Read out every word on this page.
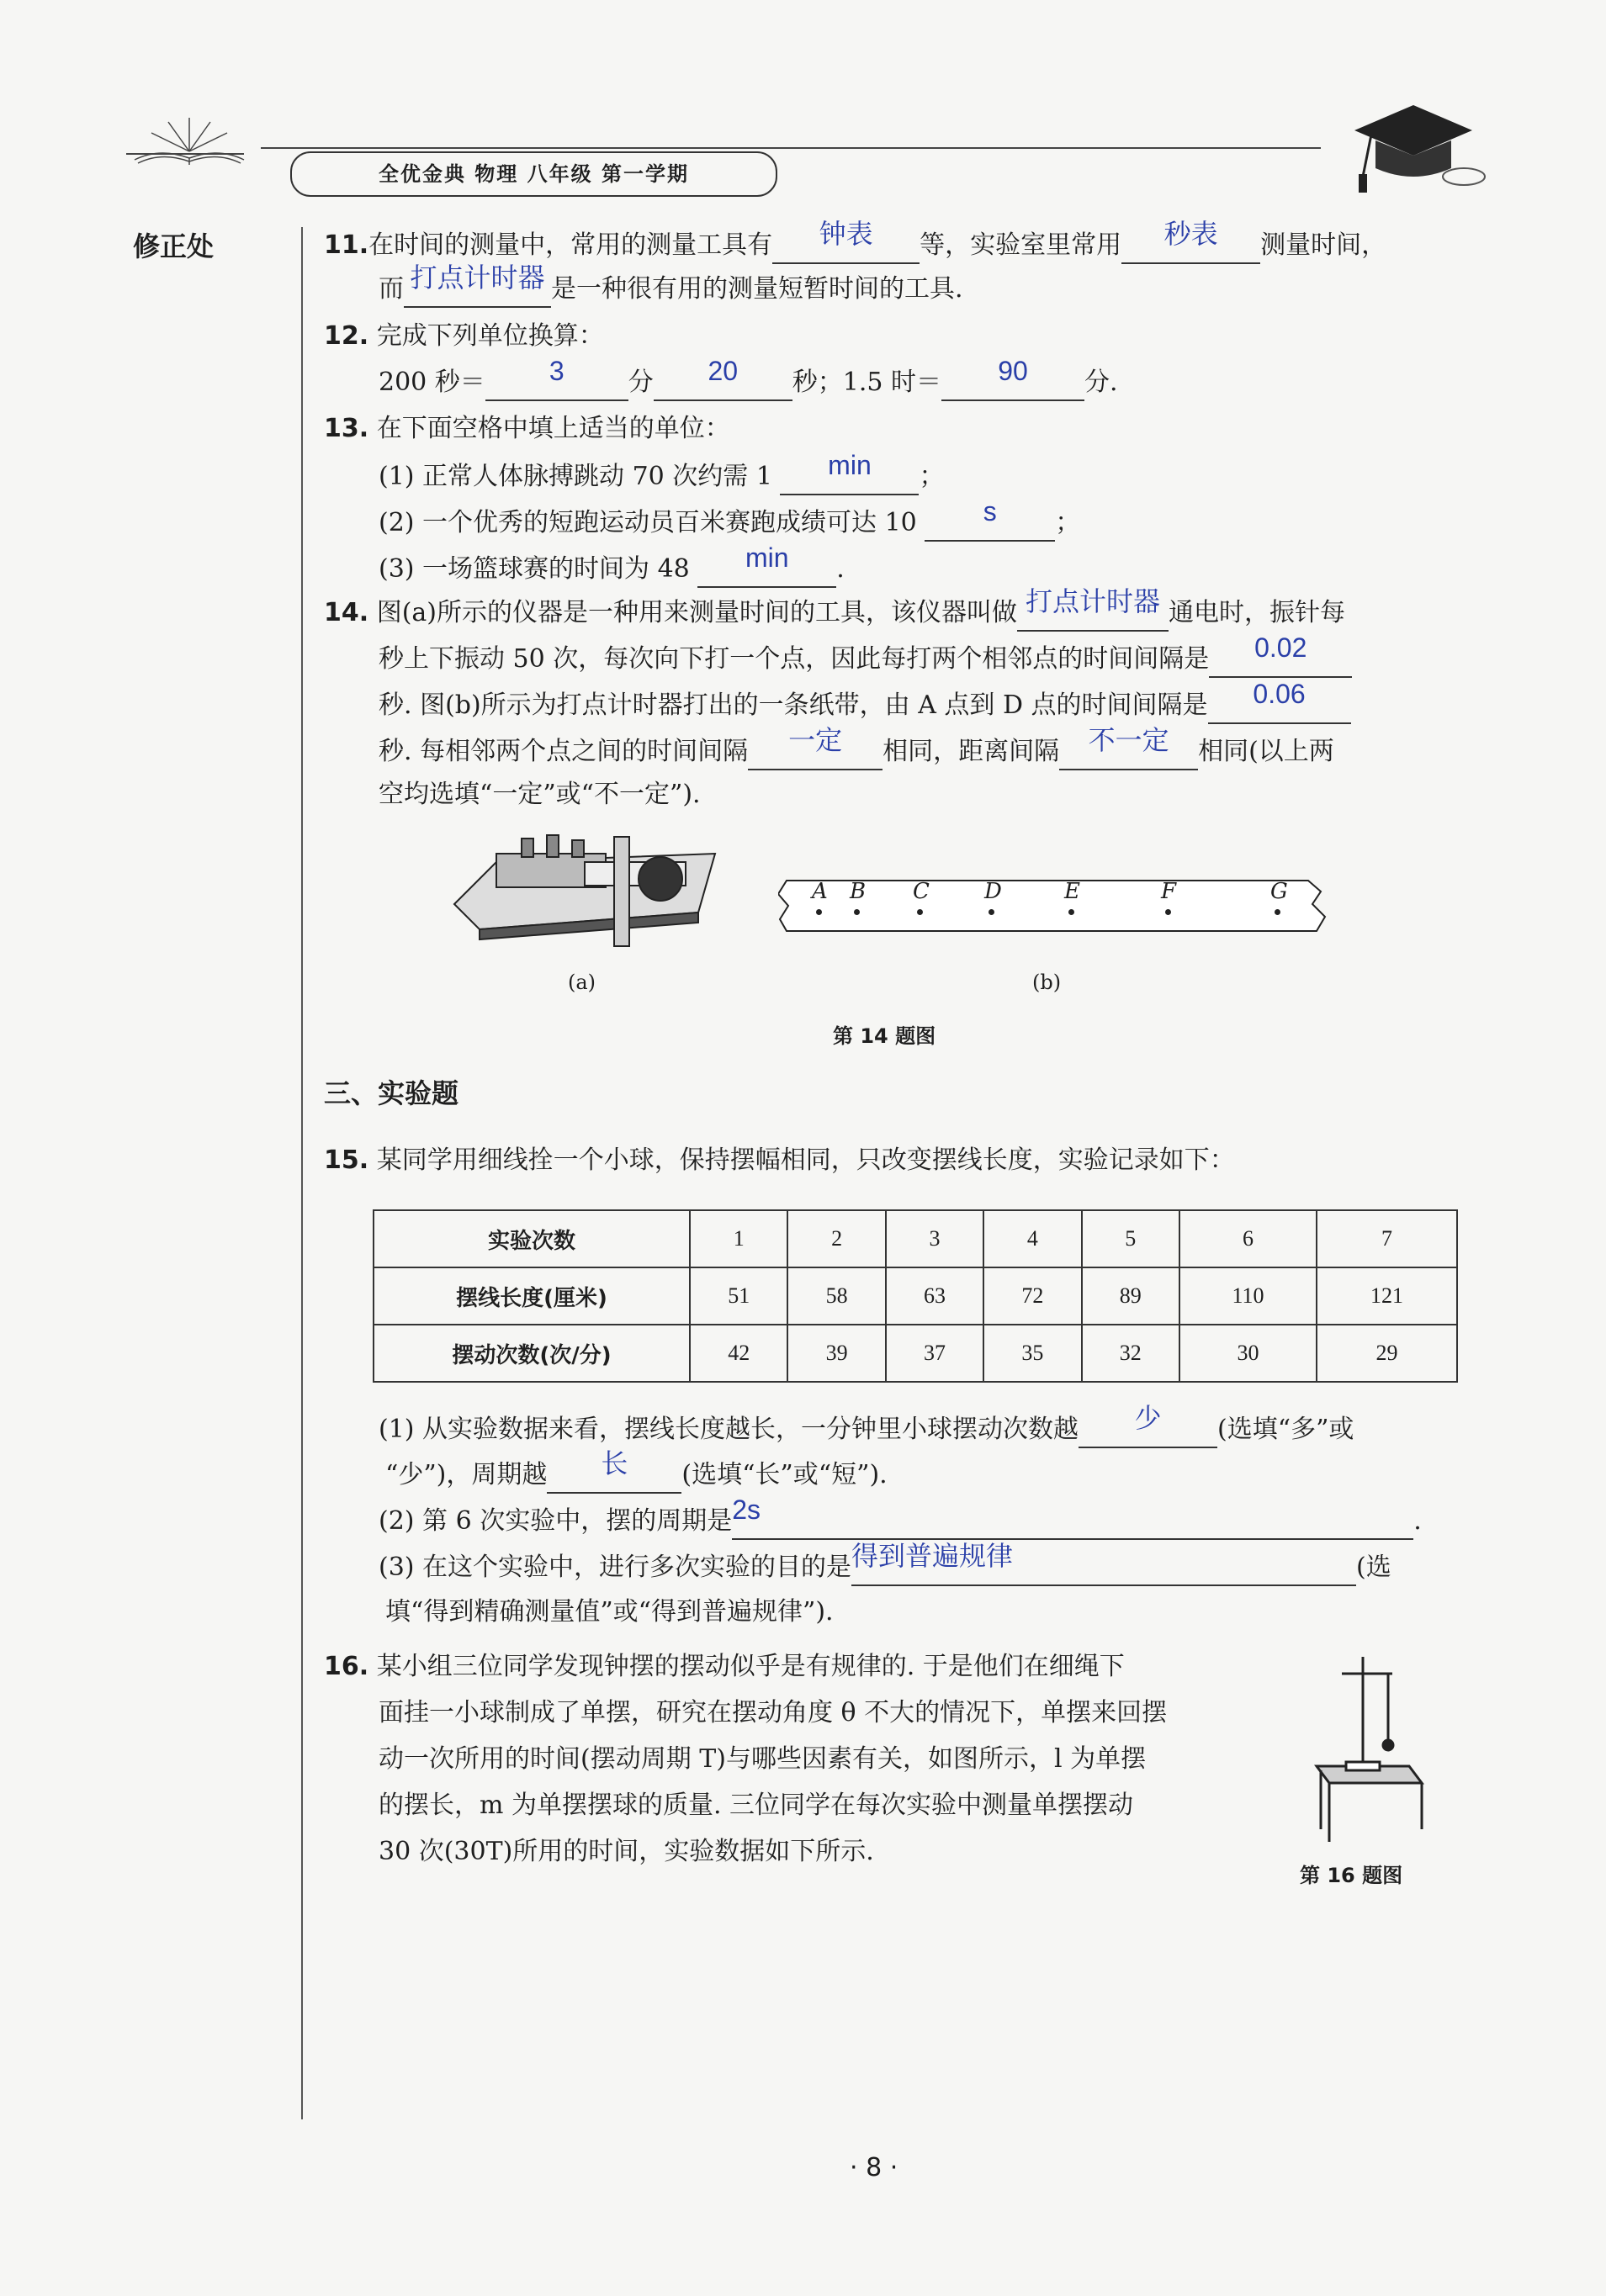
全优金典 物理 八年级 第一学期
修正处	11.在时间的测量中，常用的测量工具有 钟表 等，实验室里常用 秒表 测量时间，
而 打点计时器 是一种很有用的测量短暂时间的工具.
12. 完成下列单位换算：
200 秒＝ 3	分 20 秒；1.5 时＝ 90 分.
13. 在下面空格中填上适当的单位：
(1) 正常人体脉搏跳动 70 次约需 1 min ；
(2) 一个优秀的短跑运动员百米赛跑成绩可达 10 s ；
(3) 一场篮球赛的时间为 48 min .
14. 图(a)所示的仪器是一种用来测量时间的工具，该仪器叫做 打点计时器 通电时，振针每
秒上下振动 50 次，每次向下打一个点，因此每打两个相邻点的时间间隔是 0.02
秒. 图(b)所示为打点计时器打出的一条纸带，由 A 点到 D 点的时间间隔是 0.06
秒. 每相邻两个点之间的时间间隔 一定 相同，距离间隔 不一定 相同(以上两
空均选填“一定”或“不一定”).
(a)
A B C	D	E	F	G
(b)
第 14 题图
三、实验题
15. 某同学用细线拴一个小球，保持摆幅相同，只改变摆线长度，实验记录如下：
实验次数	1	2	3	4	5	6	7
摆线长度(厘米)	51	58	63	72	89	110	121
摆动次数(次/分)	42	39	37	35	32	30	29
(1) 从实验数据来看，摆线长度越长，一分钟里小球摆动次数越 少 (选填“多”或
“少”)，周期越 长 (选填“长”或“短”).
(2) 第 6 次实验中，摆的周期是2s	.
(3) 在这个实验中，进行多次实验的目的是得到普遍规律	(选
填“得到精确测量值”或“得到普遍规律”).
16. 某小组三位同学发现钟摆的摆动似乎是有规律的. 于是他们在细绳下
面挂一小球制成了单摆，研究在摆动角度 θ 不大的情况下，单摆来回摆
动一次所用的时间(摆动周期 T)与哪些因素有关，如图所示，l 为单摆
的摆长，m 为单摆摆球的质量. 三位同学在每次实验中测量单摆摆动
30 次(30T)所用的时间，实验数据如下所示.
第 16 题图
· 8 ·
